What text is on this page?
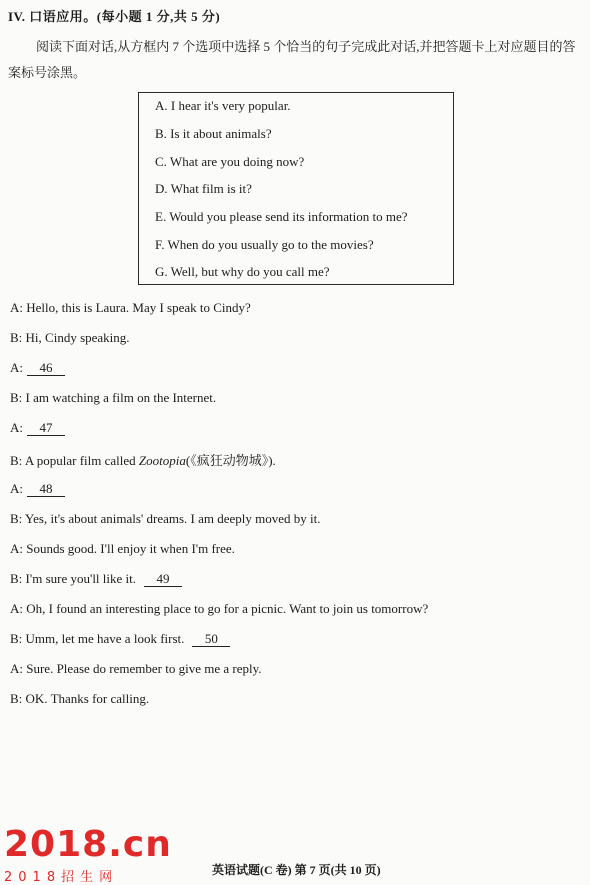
IV. 口语应用。(每小题 1 分,共 5 分)
阅读下面对话,从方框内 7 个选项中选择 5 个恰当的句子完成此对话,并把答题卡上对应题目的答案标号涂黑。
A. I hear it's very popular.
B. Is it about animals?
C. What are you doing now?
D. What film is it?
E. Would you please send its information to me?
F. When do you usually go to the movies?
G. Well, but why do you call me?
A: Hello, this is Laura. May I speak to Cindy?
B: Hi, Cindy speaking.
A: 46
B: I am watching a film on the Internet.
A: 47
B: A popular film called Zootopia(《疯狂动物城》).
A: 48
B: Yes, it's about animals' dreams. I am deeply moved by it.
A: Sounds good. I'll enjoy it when I'm free.
B: I'm sure you'll like it. 49
A: Oh, I found an interesting place to go for a picnic. Want to join us tomorrow?
B: Umm, let me have a look first. 50
A: Sure. Please do remember to give me a reply.
B: OK. Thanks for calling.
2018.cn
2018招生网	英语试题(C 卷) 第 7 页(共 10 页)
